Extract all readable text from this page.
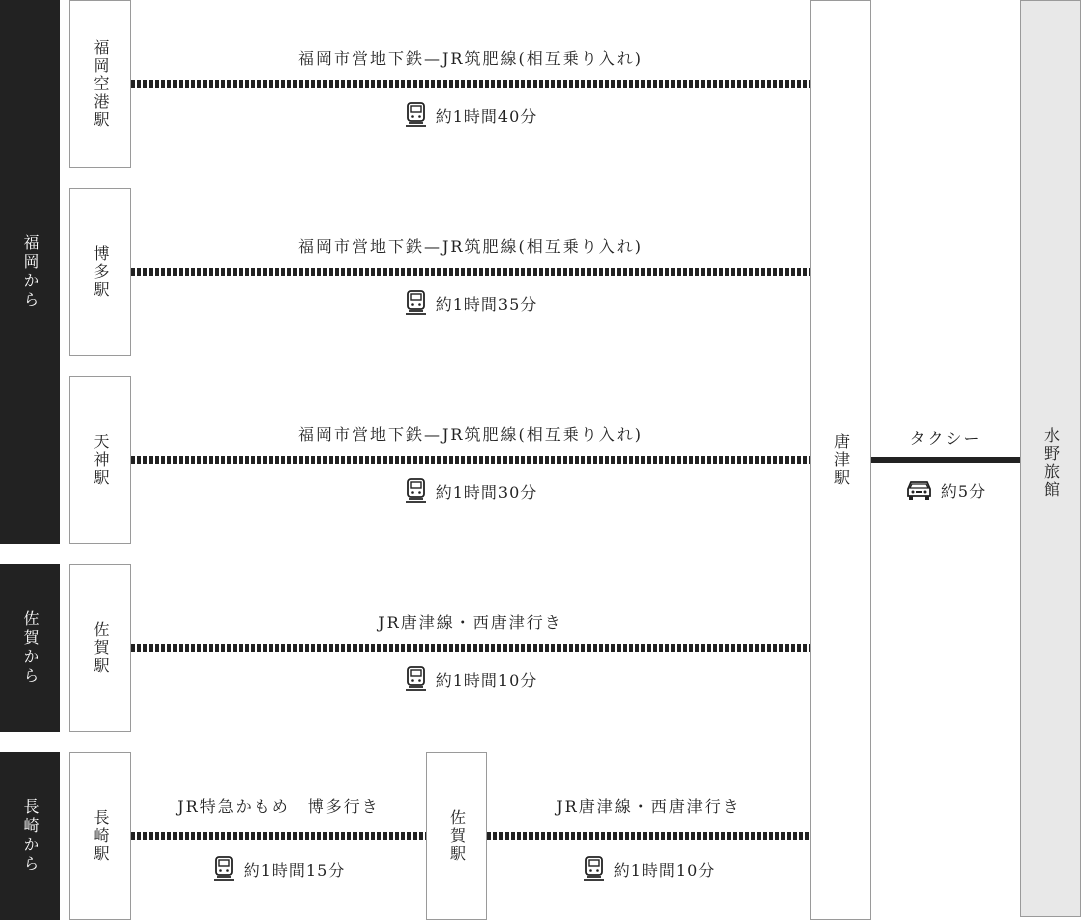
福岡から
佐賀から
長崎から
福岡空港駅
博多駅
天神駅
佐賀駅
長崎駅	佐賀駅
唐津駅	水野旅館
福岡市営地下鉄—JR筑肥線(相互乗り入れ)
約1時間40分
福岡市営地下鉄—JR筑肥線(相互乗り入れ)
約1時間35分
福岡市営地下鉄—JR筑肥線(相互乗り入れ)
約1時間30分
JR唐津線・西唐津行き
約1時間10分
JR特急かもめ　博多行き
約1時間15分
JR唐津線・西唐津行き
約1時間10分
タクシー
約5分
